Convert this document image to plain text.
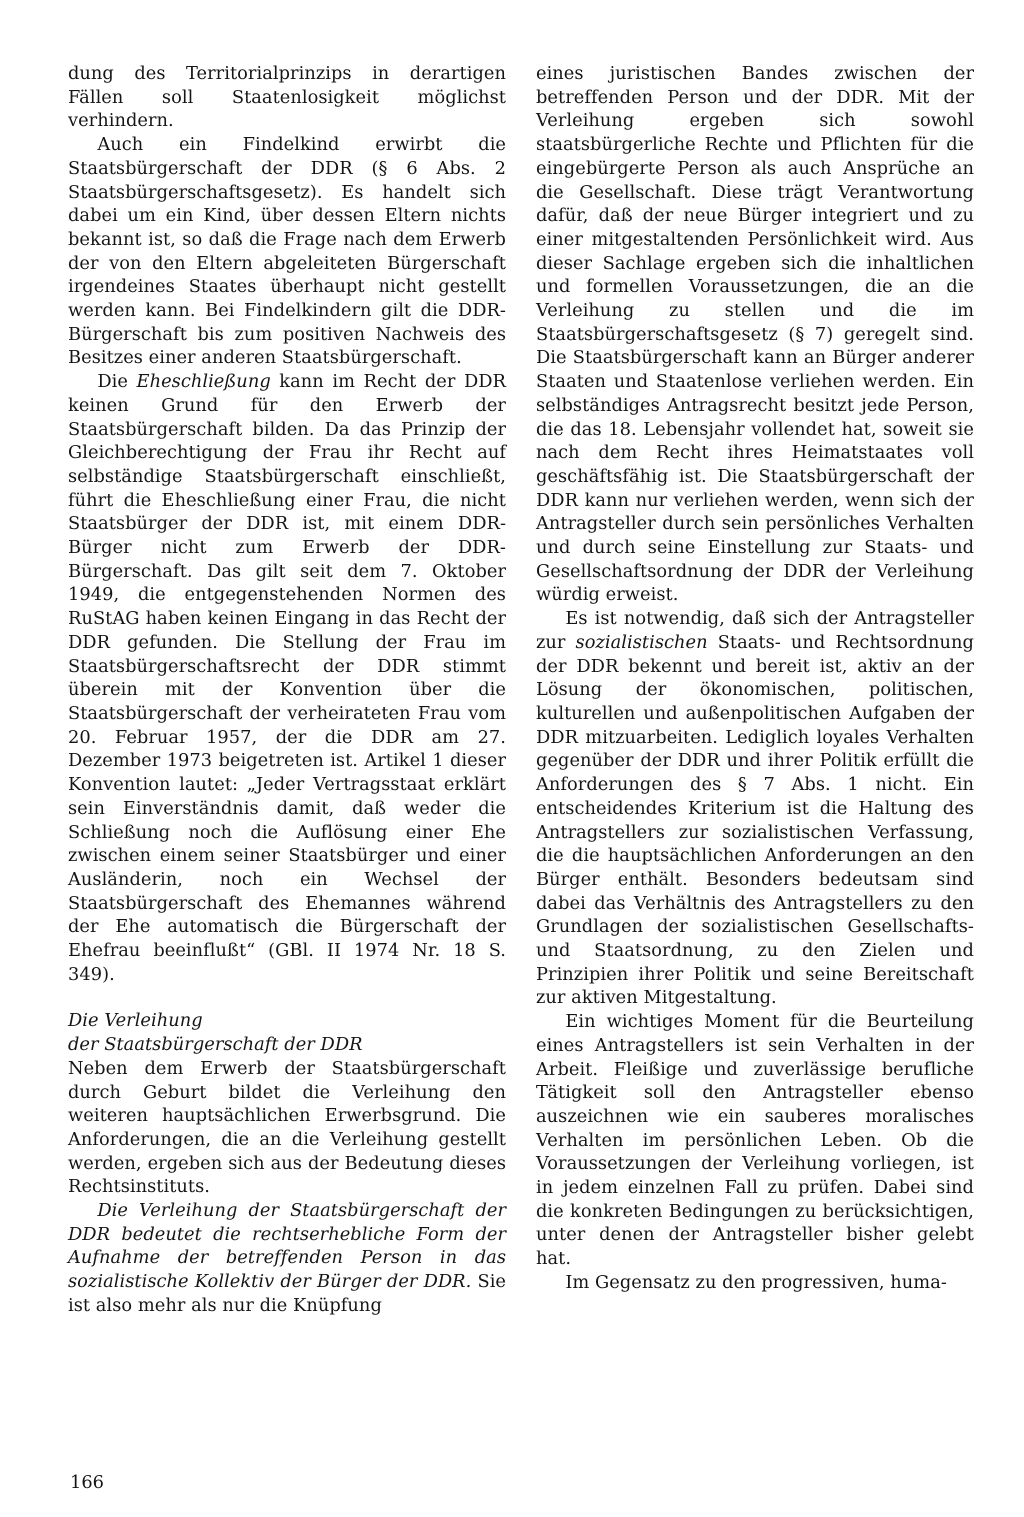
dung des Territorialprinzips in derartigen Fällen soll Staatenlosigkeit möglichst verhindern.

Auch ein Findelkind erwirbt die Staatsbürgerschaft der DDR (§ 6 Abs. 2 Staatsbürgerschaftsgesetz). Es handelt sich dabei um ein Kind, über dessen Eltern nichts bekannt ist, so daß die Frage nach dem Erwerb der von den Eltern abgeleiteten Bürgerschaft irgendeines Staates überhaupt nicht gestellt werden kann. Bei Findelkindern gilt die DDR-Bürgerschaft bis zum positiven Nachweis des Besitzes einer anderen Staatsbürgerschaft.

Die Eheschließung kann im Recht der DDR keinen Grund für den Erwerb der Staatsbürgerschaft bilden. Da das Prinzip der Gleichberechtigung der Frau ihr Recht auf selbständige Staatsbürgerschaft einschließt, führt die Eheschließung einer Frau, die nicht Staatsbürger der DDR ist, mit einem DDR-Bürger nicht zum Erwerb der DDR-Bürgerschaft. Das gilt seit dem 7. Oktober 1949, die entgegenstehenden Normen des RuStAG haben keinen Eingang in das Recht der DDR gefunden. Die Stellung der Frau im Staatsbürgerschaftsrecht der DDR stimmt überein mit der Konvention über die Staatsbürgerschaft der verheirateten Frau vom 20. Februar 1957, der die DDR am 27. Dezember 1973 beigetreten ist. Artikel 1 dieser Konvention lautet: „Jeder Vertragsstaat erklärt sein Einverständnis damit, daß weder die Schließung noch die Auflösung einer Ehe zwischen einem seiner Staatsbürger und einer Ausländerin, noch ein Wechsel der Staatsbürgerschaft des Ehemannes während der Ehe automatisch die Bürgerschaft der Ehefrau beeinflußt“ (GBl. II 1974 Nr. 18 S. 349).

Die Verleihung
der Staatsbürgerschaft der DDR

Neben dem Erwerb der Staatsbürgerschaft durch Geburt bildet die Verleihung den weiteren hauptsächlichen Erwerbsgrund. Die Anforderungen, die an die Verleihung gestellt werden, ergeben sich aus der Bedeutung dieses Rechtsinstituts.

Die Verleihung der Staatsbürgerschaft der DDR bedeutet die rechtserhebliche Form der Aufnahme der betreffenden Person in das sozialistische Kollektiv der Bürger der DDR. Sie ist also mehr als nur die Knüpfung

eines juristischen Bandes zwischen der betreffenden Person und der DDR. Mit der Verleihung ergeben sich sowohl staatsbürgerliche Rechte und Pflichten für die eingebürgerte Person als auch Ansprüche an die Gesellschaft. Diese trägt Verantwortung dafür, daß der neue Bürger integriert und zu einer mitgestaltenden Persönlichkeit wird. Aus dieser Sachlage ergeben sich die inhaltlichen und formellen Voraussetzungen, die an die Verleihung zu stellen und die im Staatsbürgerschaftsgesetz (§ 7) geregelt sind. Die Staatsbürgerschaft kann an Bürger anderer Staaten und Staatenlose verliehen werden. Ein selbständiges Antragsrecht besitzt jede Person, die das 18. Lebensjahr vollendet hat, soweit sie nach dem Recht ihres Heimatstaates voll geschäftsfähig ist. Die Staatsbürgerschaft der DDR kann nur verliehen werden, wenn sich der Antragsteller durch sein persönliches Verhalten und durch seine Einstellung zur Staats- und Gesellschaftsordnung der DDR der Verleihung würdig erweist.

Es ist notwendig, daß sich der Antragsteller zur sozialistischen Staats- und Rechtsordnung der DDR bekennt und bereit ist, aktiv an der Lösung der ökonomischen, politischen, kulturellen und außenpolitischen Aufgaben der DDR mitzuarbeiten. Lediglich loyales Verhalten gegenüber der DDR und ihrer Politik erfüllt die Anforderungen des § 7 Abs. 1 nicht. Ein entscheidendes Kriterium ist die Haltung des Antragstellers zur sozialistischen Verfassung, die die hauptsächlichen Anforderungen an den Bürger enthält. Besonders bedeutsam sind dabei das Verhältnis des Antragstellers zu den Grundlagen der sozialistischen Gesellschafts- und Staatsordnung, zu den Zielen und Prinzipien ihrer Politik und seine Bereitschaft zur aktiven Mitgestaltung.

Ein wichtiges Moment für die Beurteilung eines Antragstellers ist sein Verhalten in der Arbeit. Fleißige und zuverlässige berufliche Tätigkeit soll den Antragsteller ebenso auszeichnen wie ein sauberes moralisches Verhalten im persönlichen Leben. Ob die Voraussetzungen der Verleihung vorliegen, ist in jedem einzelnen Fall zu prüfen. Dabei sind die konkreten Bedingungen zu berücksichtigen, unter denen der Antragsteller bisher gelebt hat.

Im Gegensatz zu den progressiven, huma-

166
